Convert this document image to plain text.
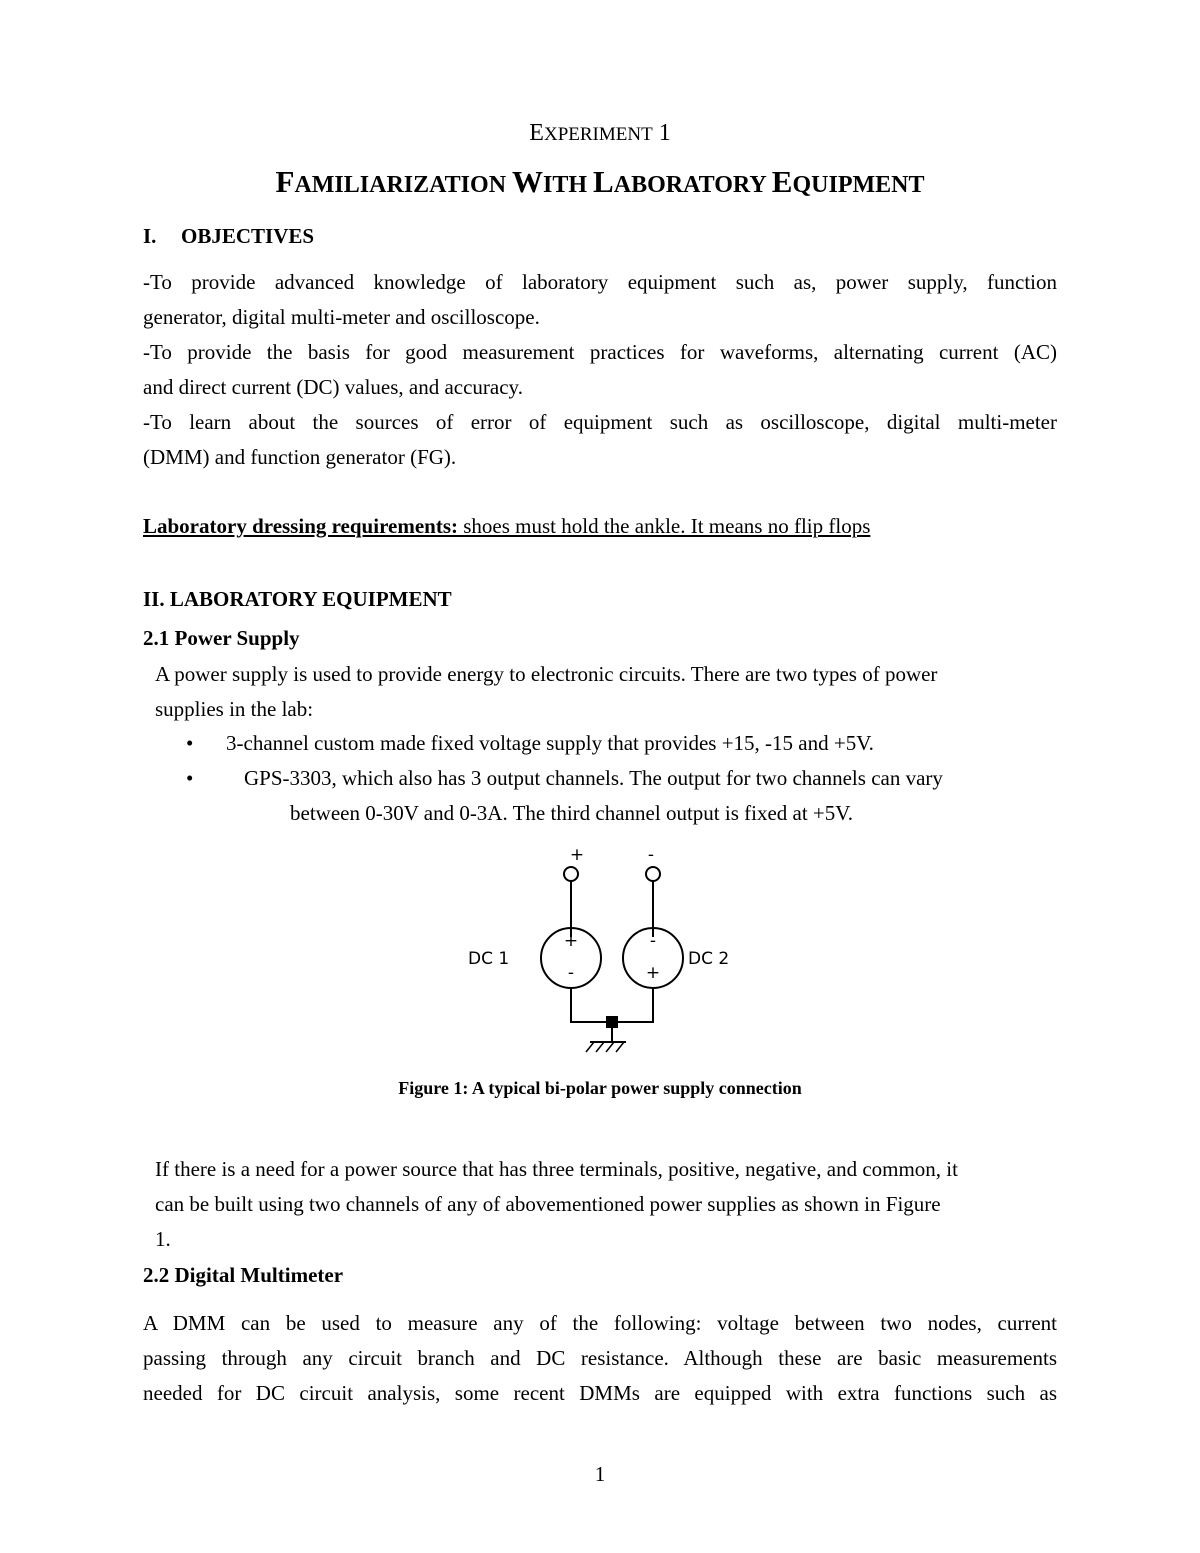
EXPERIMENT 1
FAMILIARIZATION WITH LABORATORY EQUIPMENT
I. OBJECTIVES

-To provide advanced knowledge of laboratory equipment such as, power supply, function

generator, digital multi-meter and oscilloscope.

-To provide the basis for good measurement practices for waveforms, alternating current (AC)

and direct current (DC) values, and accuracy.

-To learn about the sources of error of equipment such as oscilloscope, digital multi-meter

(DMM) and function generator (FG).

Laboratory dressing requirements: shoes must hold the ankle. It means no flip flops
II. LABORATORY EQUIPMENT
2.1 Power Supply
A power supply is used to provide energy to electronic circuits. There are two types of power
supplies in the lab:
• 3-channel custom made fixed voltage supply that provides +15, -15 and +5V.
• GPS-3303, which also has 3 output channels. The output for two channels can vary
between 0-30V and 0-3A. The third channel output is fixed at +5V.
+	-
+
-
-
+
DC 1	DC 2
Figure 1: A typical bi-polar power supply connection
If there is a need for a power source that has three terminals, positive, negative, and common, it
can be built using two channels of any of abovementioned power supplies as shown in Figure
1.
2.2 Digital Multimeter

A DMM can be used to measure any of the following: voltage between two nodes, current

passing through any circuit branch and DC resistance. Although these are basic measurements

needed for DC circuit analysis, some recent DMMs are equipped with extra functions such as

1
